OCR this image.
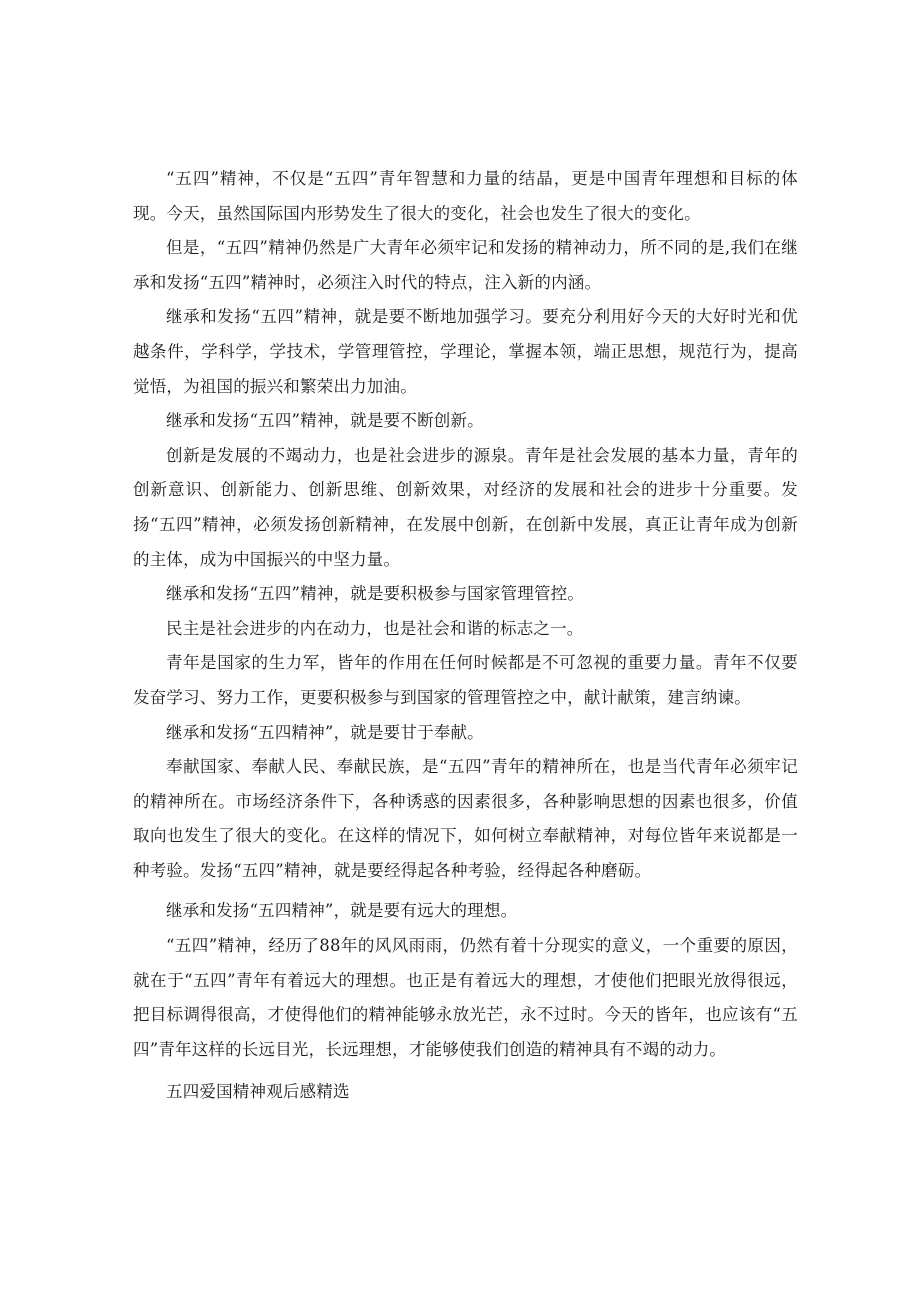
“五四”精神，不仅是“五四”青年智慧和力量的结晶，更是中国青年理想和目标的体现。今天，虽然国际国内形势发生了很大的变化，社会也发生了很大的变化。

但是，“五四”精神仍然是广大青年必须牢记和发扬的精神动力，所不同的是,我们在继承和发扬“五四”精神时，必须注入时代的特点，注入新的内涵。

继承和发扬“五四”精神，就是要不断地加强学习。要充分利用好今天的大好时光和优越条件，学科学，学技术，学管理管控，学理论，掌握本领，端正思想，规范行为，提高觉悟，为祖国的振兴和繁荣出力加油。

继承和发扬“五四”精神，就是要不断创新。

创新是发展的不竭动力，也是社会进步的源泉。青年是社会发展的基本力量，青年的创新意识、创新能力、创新思维、创新效果，对经济的发展和社会的进步十分重要。发扬“五四”精神，必须发扬创新精神，在发展中创新，在创新中发展，真正让青年成为创新的主体，成为中国振兴的中坚力量。

继承和发扬“五四”精神，就是要积极参与国家管理管控。

民主是社会进步的内在动力，也是社会和谐的标志之一。

青年是国家的生力军，皆年的作用在任何时候都是不可忽视的重要力量。青年不仅要发奋学习、努力工作，更要积极参与到国家的管理管控之中，献计献策，建言纳谏。

继承和发扬“五四精神”，就是要甘于奉献。

奉献国家、奉献人民、奉献民族，是“五四”青年的精神所在，也是当代青年必须牢记的精神所在。市场经济条件下，各种诱惑的因素很多，各种影响思想的因素也很多，价值取向也发生了很大的变化。在这样的情况下，如何树立奉献精神，对每位皆年来说都是一种考验。发扬“五四”精神，就是要经得起各种考验，经得起各种磨砺。

继承和发扬“五四精神”，就是要有远大的理想。

“五四”精神，经历了88年的风风雨雨，仍然有着十分现实的意义，一个重要的原因，就在于“五四”青年有着远大的理想。也正是有着远大的理想，才使他们把眼光放得很远，把目标调得很高，才使得他们的精神能够永放光芒，永不过时。今天的皆年，也应该有“五四”青年这样的长远目光，长远理想，才能够使我们创造的精神具有不竭的动力。

五四爱国精神观后感精选
